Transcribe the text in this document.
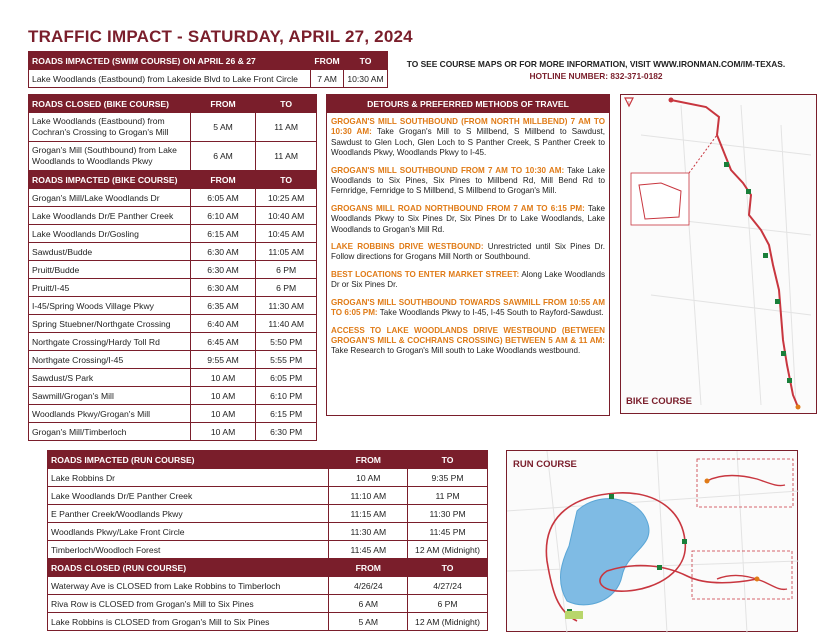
TRAFFIC IMPACT - SATURDAY, APRIL 27, 2024
ROADS IMPACTED (SWIM COURSE) ON APRIL 26 & 27	FROM	TO
Lake Woodlands (Eastbound) from Lakeside Blvd to Lake Front Circle	7 AM	10:30 AM
TO SEE COURSE MAPS OR FOR MORE INFORMATION, VISIT WWW.IRONMAN.COM/IM-TEXAS.
HOTLINE NUMBER: 832-371-0182
ROADS CLOSED (BIKE COURSE)	FROM	TO
Lake Woodlands (Eastbound) from Cochran's Crossing to Grogan's Mill	5 AM	11 AM
Grogan's Mill (Southbound) from Lake Woodlands to Woodlands Pkwy	6 AM	11 AM
ROADS IMPACTED (BIKE COURSE)	FROM	TO
Grogan's Mill/Lake Woodlands Dr	6:05 AM	10:25 AM
Lake Woodlands Dr/E Panther Creek	6:10 AM	10:40 AM
Lake Woodlands Dr/Gosling	6:15 AM	10:45 AM
Sawdust/Budde	6:30 AM	11:05 AM
Pruitt/Budde	6:30 AM	6 PM
Pruitt/I-45	6:30 AM	6 PM
I-45/Spring Woods Village Pkwy	6:35 AM	11:30 AM
Spring Stuebner/Northgate Crossing	6:40 AM	11:40 AM
Northgate Crossing/Hardy Toll Rd	6:45 AM	5:50 PM
Northgate Crossing/I-45	9:55 AM	5:55 PM
Sawdust/S Park	10 AM	6:05 PM
Sawmill/Grogan's Mill	10 AM	6:10 PM
Woodlands Pkwy/Grogan's Mill	10 AM	6:15 PM
Grogan's Mill/Timberloch	10 AM	6:30 PM
DETOURS & PREFERRED METHODS OF TRAVEL

GROGAN'S MILL SOUTHBOUND (FROM NORTH MILLBEND) 7 AM TO 10:30 AM: Take Grogan's Mill to S Millbend, S Millbend to Sawdust, Sawdust to Glen Loch, Glen Loch to S Panther Creek, S Panther Creek to Woodlands Pkwy, Woodlands Pkwy to I-45.

GROGAN'S MILL SOUTHBOUND FROM 7 AM TO 10:30 AM: Take Lake Woodlands to Six Pines, Six Pines to Millbend Rd, Mill Bend Rd to Fernridge, Fernridge to S Millbend, S Millbend to Grogan's Mill.

GROGANS MILL ROAD NORTHBOUND FROM 7 AM TO 6:15 PM: Take Woodlands Pkwy to Six Pines Dr, Six Pines Dr to Lake Woodlands, Lake Woodlands to Grogan's Mill Rd.

LAKE ROBBINS DRIVE WESTBOUND: Unrestricted until Six Pines Dr. Follow directions for Grogans Mill North or Southbound.

BEST LOCATIONS TO ENTER MARKET STREET: Along Lake Woodlands Dr or Six Pines Dr.

GROGAN'S MILL SOUTHBOUND TOWARDS SAWMILL FROM 10:55 AM TO 6:05 PM: Take Woodlands Pkwy to I-45, I-45 South to Rayford-Sawdust.

ACCESS TO LAKE WOODLANDS DRIVE WESTBOUND (BETWEEN GROGAN'S MILL & COCHRANS CROSSING) BETWEEN 5 AM & 11 AM: Take Research to Grogan's Mill south to Lake Woodlands westbound.

!
BIKE COURSE
ROADS IMPACTED (RUN COURSE)	FROM	TO
Lake Robbins Dr	10 AM	9:35 PM
Lake Woodlands Dr/E Panther Creek	11:10 AM	11 PM
E Panther Creek/Woodlands Pkwy	11:15 AM	11:30 PM
Woodlands Pkwy/Lake Front Circle	11:30 AM	11:45 PM
Timberloch/Woodloch Forest	11:45 AM	12 AM (Midnight)
ROADS CLOSED (RUN COURSE)	FROM	TO
Waterway Ave is CLOSED from Lake Robbins to Timberloch	4/26/24	4/27/24
Riva Row is CLOSED from Grogan's Mill to Six Pines	6 AM	6 PM
Lake Robbins is CLOSED from Grogan's Mill to Six Pines	5 AM	12 AM (Midnight)
RUN COURSE
